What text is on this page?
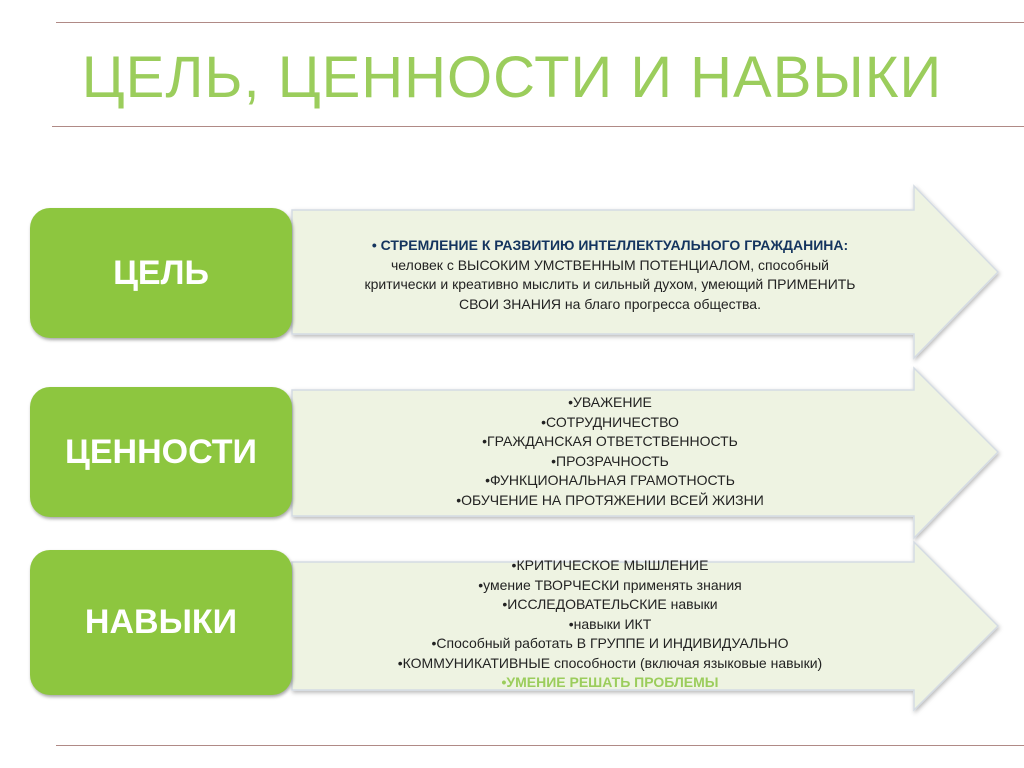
ЦЕЛЬ, ЦЕННОСТИ И НАВЫКИ
ЦЕЛЬ
ЦЕННОСТИ
НАВЫКИ
• СТРЕМЛЕНИЕ К РАЗВИТИЮ ИНТЕЛЛЕКТУАЛЬНОГО ГРАЖДАНИНА:
человек с ВЫСОКИМ УМСТВЕННЫМ ПОТЕНЦИАЛОМ, способный
критически и креативно мыслить и сильный духом, умеющий ПРИМЕНИТЬ
СВОИ ЗНАНИЯ на благо прогресса общества.
•УВАЖЕНИЕ
•СОТРУДНИЧЕСТВО
•ГРАЖДАНСКАЯ ОТВЕТСТВЕННОСТЬ
•ПРОЗРАЧНОСТЬ
•ФУНКЦИОНАЛЬНАЯ ГРАМОТНОСТЬ
•ОБУЧЕНИЕ НА ПРОТЯЖЕНИИ ВСЕЙ ЖИЗНИ
•КРИТИЧЕСКОЕ МЫШЛЕНИЕ
•умение ТВОРЧЕСКИ применять знания
•ИССЛЕДОВАТЕЛЬСКИЕ навыки
•навыки ИКТ
•Способный работать В ГРУППЕ И ИНДИВИДУАЛЬНО
•КОММУНИКАТИВНЫЕ способности (включая языковые навыки)
•УМЕНИЕ РЕШАТЬ ПРОБЛЕМЫ
